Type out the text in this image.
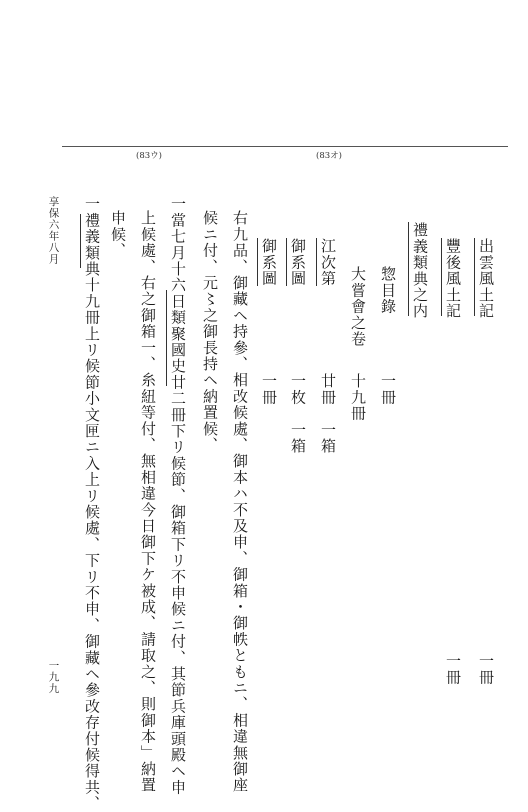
(83ウ)	(83オ)
出雲風土記
一冊
豐後風土記
一冊
禮義類典之内
惣目錄
一冊
大嘗會之卷
十九冊
江次第
廿冊　一箱
御系圖
一枚　一箱
御系圖
一冊
右九品、御藏ヘ持參、相改候處、御本ハ不及申、御箱・御帙ともニ、相違無御座
候ニ付、元〻之御長持ヘ納置候、
一當七月十六日類聚國史廿二冊下リ候節、御箱下リ不申候ニ付、其節兵庫頭殿ヘ申
上候處、右之御箱一、糸紐等付、無相違今日御下ケ被成、請取之、則御本」納置
申候、
一禮義類典十九冊上リ候節小文匣ニ入上リ候處、下リ不申、御藏ヘ參改存付候得共、
享保六年八月
一九九
